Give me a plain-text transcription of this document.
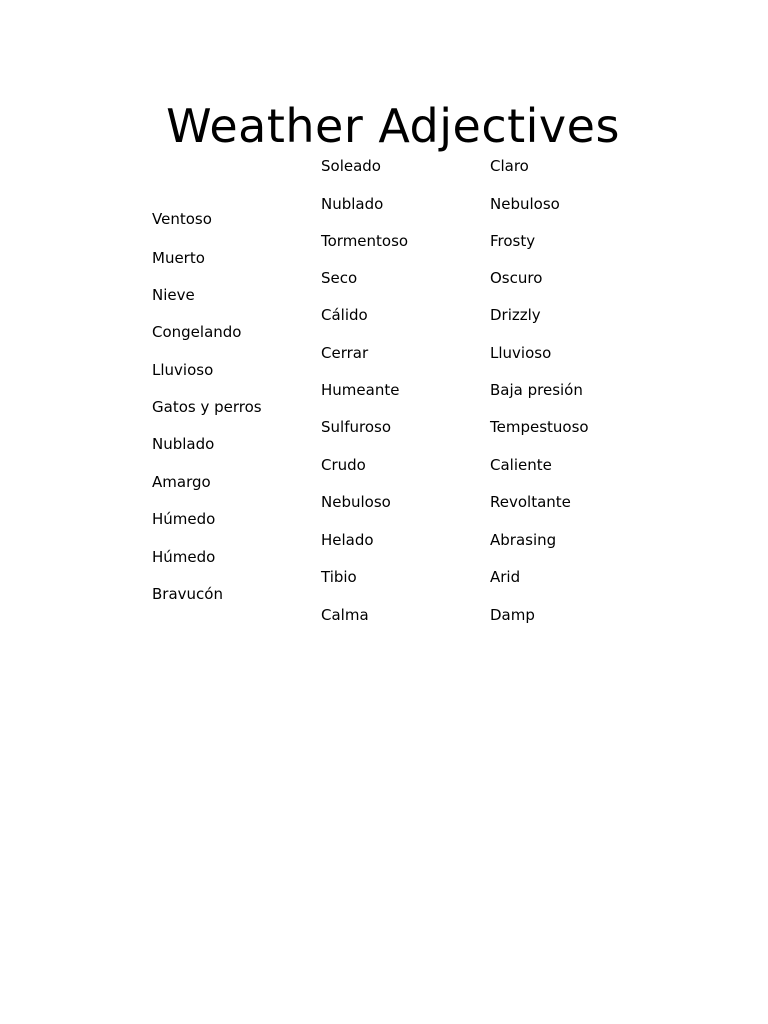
Weather Adjectives
Ventoso
Muerto
Nieve
Congelando
Lluvioso
Gatos y perros
Nublado
Amargo
Húmedo
Húmedo
Bravucón
Soleado
Nublado
Tormentoso
Seco
Cálido
Cerrar
Humeante
Sulfuroso
Crudo
Nebuloso
Helado
Tibio
Calma
Claro
Nebuloso
Frosty
Oscuro
Drizzly
Lluvioso
Baja presión
Tempestuoso
Caliente
Revoltante
Abrasing
Arid
Damp
